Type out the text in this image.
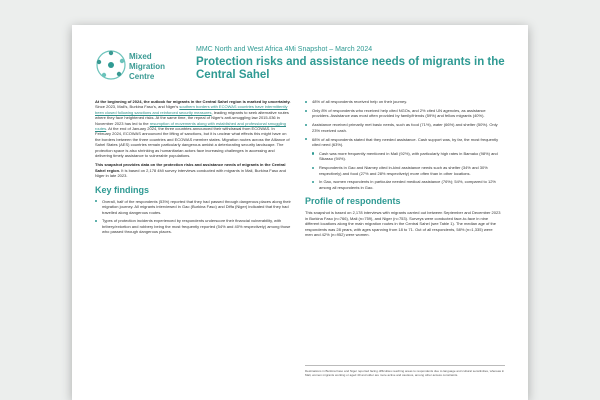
Mixed
Migration
Centre
MMC North and West Africa 4Mi Snapshot – March 2024
Protection risks and assistance needs of migrants in the Central Sahel

At the beginning of 2024, the outlook for migrants in the Central Sahel region is marked by uncertainty. Since 2023, Mali's, Burkina Faso's, and Niger's southern borders with ECOWAS countries have intermittently been closed following sanctions and reinforced security measures, leading migrants to seek alternative routes where they face heightened risks. At the same time, the repeal of Niger's anti-smuggling law 2015-036 in November 2023 has led to the resumption of movements along with established and professional smuggling routes. At the end of January 2024, the three countries announced their withdrawal from ECOWAS. In February 2024, ECOWAS announced the lifting of sanctions, but it is unclear what effects this might have on the borders between the three countries and ECOWAS member states. Migration routes across the Alliance of Sahel States (AES) countries remain particularly dangerous amidst a deteriorating security landscape. The protection space is also shrinking as humanitarian actors face increasing challenges in accessing and delivering timely assistance to vulnerable populations.

This snapshot provides data on the protection risks and assistance needs of migrants in the Central Sahel region. It is based on 2,178 4Mi survey interviews conducted with migrants in Mali, Burkina Faso and Niger in late 2023.

Key findings
Overall, half of the respondents (53%) reported that they had passed through dangerous places along their migration journey. All migrants interviewed in Gao (Burkina Faso) and Diffa (Niger) indicated that they had travelled along dangerous routes.
Types of protection incidents experienced by respondents underscore their financial vulnerability, with bribery/extortion and robbery being the most frequently reported (54% and 40% respectively) among those who passed through dangerous places.
48% of all respondents received help on their journey.
Only 8% of respondents who received help cited NGOs, and 2% cited UN agencies, as assistance providers. Assistance was most often provided by family/friends (59%) and fellow migrants (40%).
Assistance received primarily met basic needs, such as food (71%), water (66%) and shelter (50%). Only 23% received cash.
68% of all respondents stated that they needed assistance. Cash support was, by far, the most frequently cited need (63%).
Cash was more frequently mentioned in Mali (92%), with particularly high rates in Bamako (98%) and Sikasso (94%).
Respondents in Gao and Niamey cited in-kind assistance needs such as shelter (34% and 30% respectively) and food (27% and 28% respectively) more often than in other locations.
In Gao, women respondents in particular needed medical assistance (76%); 54%, compared to 12% among all respondents in Gao.
Profile of respondents

This snapshot is based on 2,178 interviews with migrants carried out between September and December 2023 in Burkina Faso (n=766), Mali (n=759), and Niger (n=753). Surveys were conducted face-to-face in nine different locations along the main migration routes in the Central Sahel (see Table 1). The median age of the respondents was 28 years, with ages spanning from 18 to 71. Out of all respondents, 58% (n=1,335) were men and 42% (n=952) were women.

Destinations in Burkina Faso and Niger reported facing difficulties reaching areas to respondents due to language and cultural sensitivities, whereas in Mali, women migrants working or aged 40 and older are more active and cautious, among other access constraints.
